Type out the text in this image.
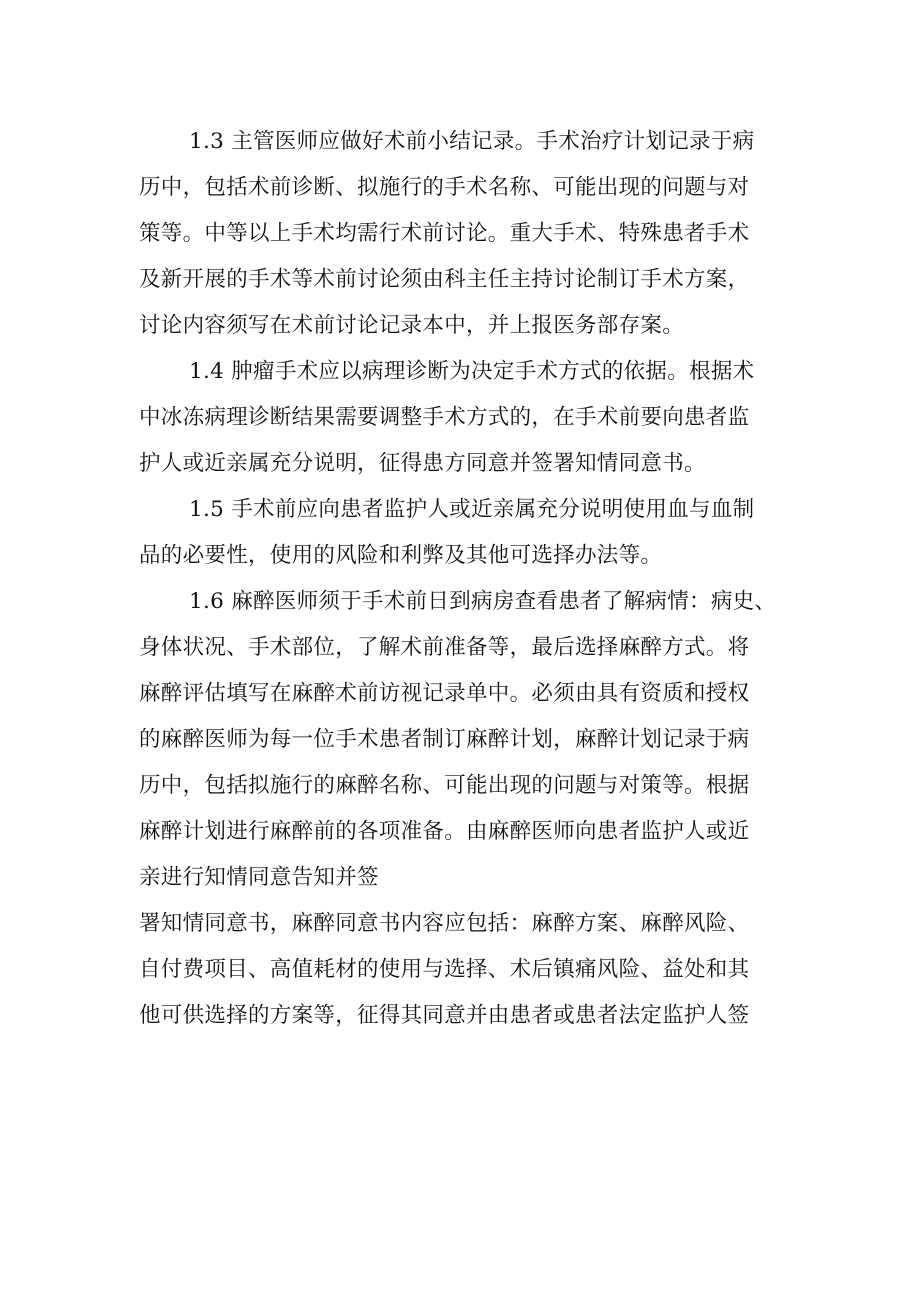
1.3 主管医师应做好术前小结记录。手术治疗计划记录于病
历中，包括术前诊断、拟施行的手术名称、可能出现的问题与对
策等。中等以上手术均需行术前讨论。重大手术、特殊患者手术
及新开展的手术等术前讨论须由科主任主持讨论制订手术方案，
讨论内容须写在术前讨论记录本中，并上报医务部存案。
1.4 肿瘤手术应以病理诊断为决定手术方式的依据。根据术
中冰冻病理诊断结果需要调整手术方式的，在手术前要向患者监
护人或近亲属充分说明，征得患方同意并签署知情同意书。
1.5 手术前应向患者监护人或近亲属充分说明使用血与血制
品的必要性，使用的风险和利弊及其他可选择办法等。
1.6 麻醉医师须于手术前日到病房查看患者了解病情：病史、
身体状况、手术部位，了解术前准备等，最后选择麻醉方式。将
麻醉评估填写在麻醉术前访视记录单中。必须由具有资质和授权
的麻醉医师为每一位手术患者制订麻醉计划，麻醉计划记录于病
历中，包括拟施行的麻醉名称、可能出现的问题与对策等。根据
麻醉计划进行麻醉前的各项准备。由麻醉医师向患者监护人或近
亲进行知情同意告知并签
署知情同意书，麻醉同意书内容应包括：麻醉方案、麻醉风险、
自付费项目、高值耗材的使用与选择、术后镇痛风险、益处和其
他可供选择的方案等，征得其同意并由患者或患者法定监护人签
